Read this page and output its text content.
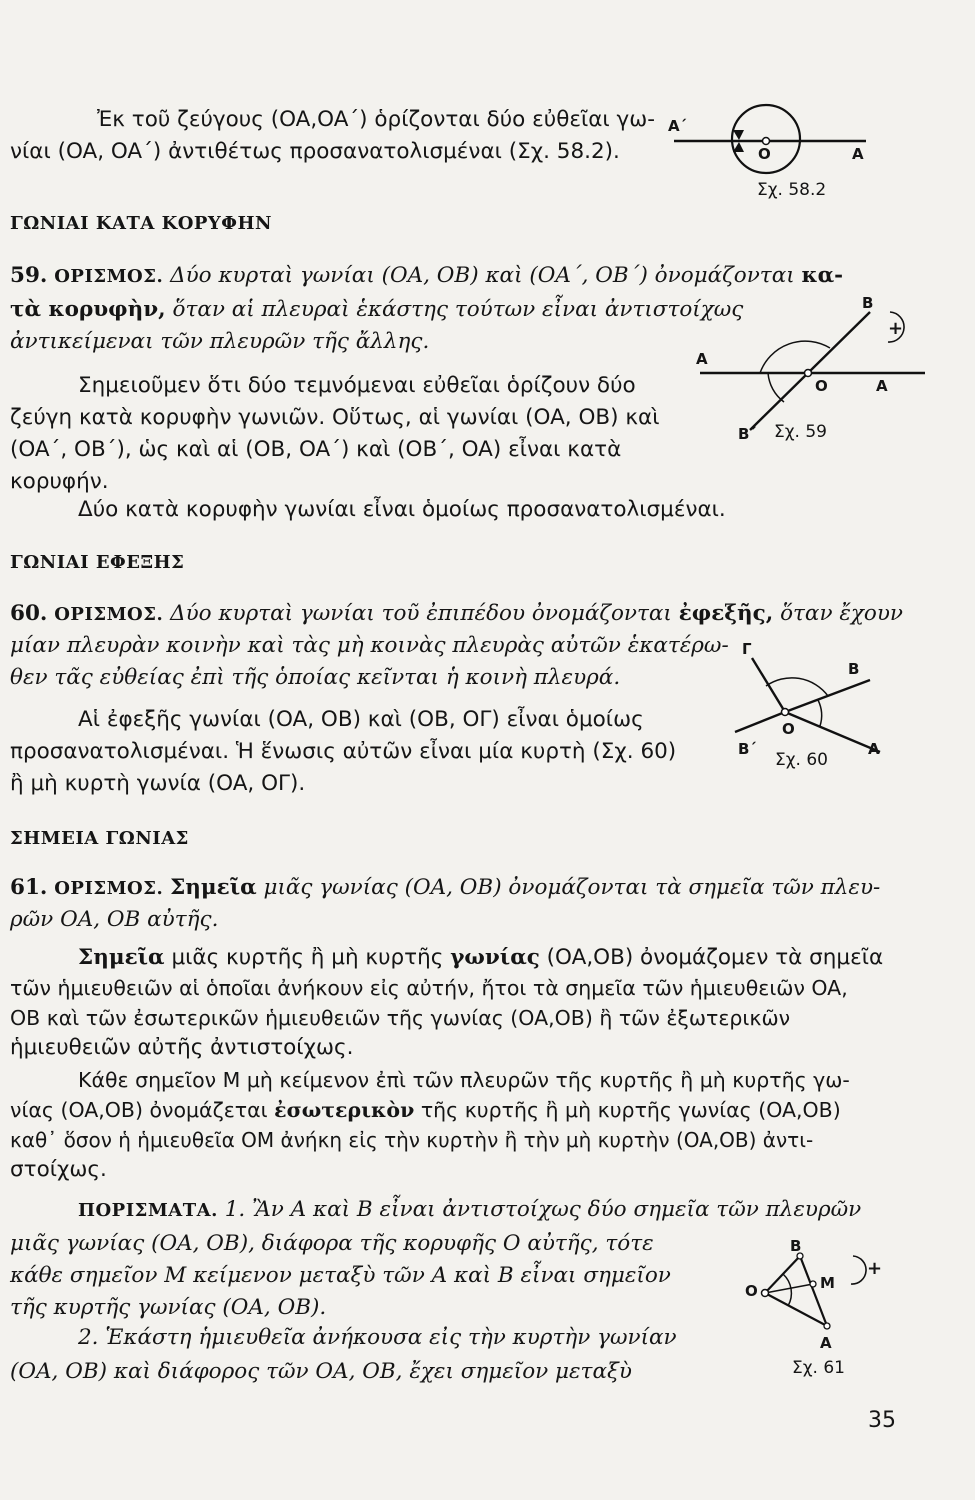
Ἐκ τοῦ ζεύγους (OA,OA΄) ὁρίζονται δύο εὐθεῖαι γω-
νίαι (OA, OA΄) ἀντιθέτως προσανατολισμέναι (Σχ. 58.2).
A΄
O	A
Σχ. 58.2
ΓΩΝΙΑΙ ΚΑΤΑ ΚΟΡΥΦΗΝ
59. ΟΡΙΣΜΟΣ. Δύο κυρταὶ γωνίαι (OA, OB) καὶ (OA΄, OB΄) ὀνομάζονται κα-
τὰ κορυφὴν, ὅταν αἱ πλευραὶ ἑκάστης τούτων εἶναι ἀντιστοίχως
ἀντικείμεναι τῶν πλευρῶν τῆς ἄλλης.
Σημειοῦμεν ὅτι δύο τεμνόμεναι εὐθεῖαι ὁρίζουν δύο
ζεύγη κατὰ κορυφὴν γωνιῶν. Οὕτως, αἱ γωνίαι (OA, OB) καὶ
(OA΄, OB΄), ὡς καὶ αἱ (OB, OA΄) καὶ (OB΄, OA) εἶναι κατὰ
κορυφήν.
Δύο κατὰ κορυφὴν γωνίαι εἶναι ὁμοίως προσανατολισμέναι.
B
+
A
O	A
B΄ Σχ. 59
ΓΩΝΙΑΙ ΕΦΕΞΗΣ
60. ΟΡΙΣΜΟΣ. Δύο κυρταὶ γωνίαι τοῦ ἐπιπέδου ὀνομάζονται ἐφεξῆς, ὅταν ἔχουν
μίαν πλευρὰν κοινὴν καὶ τὰς μὴ κοινὰς πλευρὰς αὐτῶν ἑκατέρω-
θεν τᾶς εὐθείας ἐπὶ τῆς ὁποίας κεῖνται ἡ κοινὴ πλευρά.
Αἱ ἐφεξῆς γωνίαι (OA, OB) καὶ (OB, OΓ) εἶναι ὁμοίως
προσανατολισμέναι. Ἡ ἕνωσις αὐτῶν εἶναι μία κυρτὴ (Σχ. 60)
ἢ μὴ κυρτὴ γωνία (OA, OΓ).
Γ
B
O
B΄	A
Σχ. 60
ΣΗΜΕΙΑ ΓΩΝΙΑΣ
61. ΟΡΙΣΜΟΣ. Σημεῖα μιᾶς γωνίας (OA, OB) ὀνομάζονται τὰ σημεῖα τῶν πλευ-
ρῶν OA, OB αὐτῆς.
Σημεῖα μιᾶς κυρτῆς ἢ μὴ κυρτῆς γωνίας (OA,OB) ὀνομάζομεν τὰ σημεῖα
τῶν ἡμιευθειῶν αἱ ὁποῖαι ἀνήκουν εἰς αὐτήν, ἤτοι τὰ σημεῖα τῶν ἡμιευθειῶν OA,
OB καὶ τῶν ἐσωτερικῶν ἡμιευθειῶν τῆς γωνίας (OA,OB) ἢ τῶν ἐξωτερικῶν
ἡμιευθειῶν αὐτῆς ἀντιστοίχως.
Κάθε σημεῖον M μὴ κείμενον ἐπὶ τῶν πλευρῶν τῆς κυρτῆς ἢ μὴ κυρτῆς γω-
νίας (OA,OB) ὀνομάζεται ἐσωτερικὸν τῆς κυρτῆς ἢ μὴ κυρτῆς γωνίας (OA,OB)
καθ᾽ ὅσον ἡ ἡμιευθεῖα OM ἀνήκη εἰς τὴν κυρτὴν ἢ τὴν μὴ κυρτὴν (OA,OB) ἀντι-
στοίχως.
ΠΟΡΙΣΜΑΤΑ. 1. Ἂν A καὶ B εἶναι ἀντιστοίχως δύο σημεῖα τῶν πλευρῶν
μιᾶς γωνίας (OA, OB), διάφορα τῆς κορυφῆς O αὐτῆς, τότε
κάθε σημεῖον M κείμενον μεταξὺ τῶν A καὶ B εἶναι σημεῖον
τῆς κυρτῆς γωνίας (OA, OB).
2. Ἑκάστη ἡμιευθεῖα ἀνήκουσα εἰς τὴν κυρτὴν γωνίαν
(OA, OB) καὶ διάφορος τῶν OA, OB, ἔχει σημεῖον μεταξὺ
B
+
O	M
A
Σχ. 61
35
